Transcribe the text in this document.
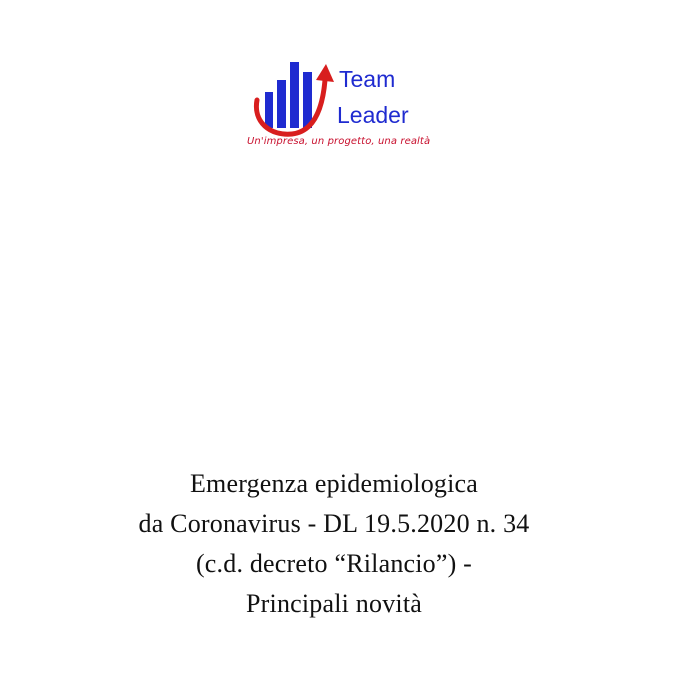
Team
Leader
Un'impresa, un progetto, una realtà
Emergenza epidemiologica
da Coronavirus - DL 19.5.2020 n. 34
(c.d. decreto “Rilancio”) -
Principali novità
